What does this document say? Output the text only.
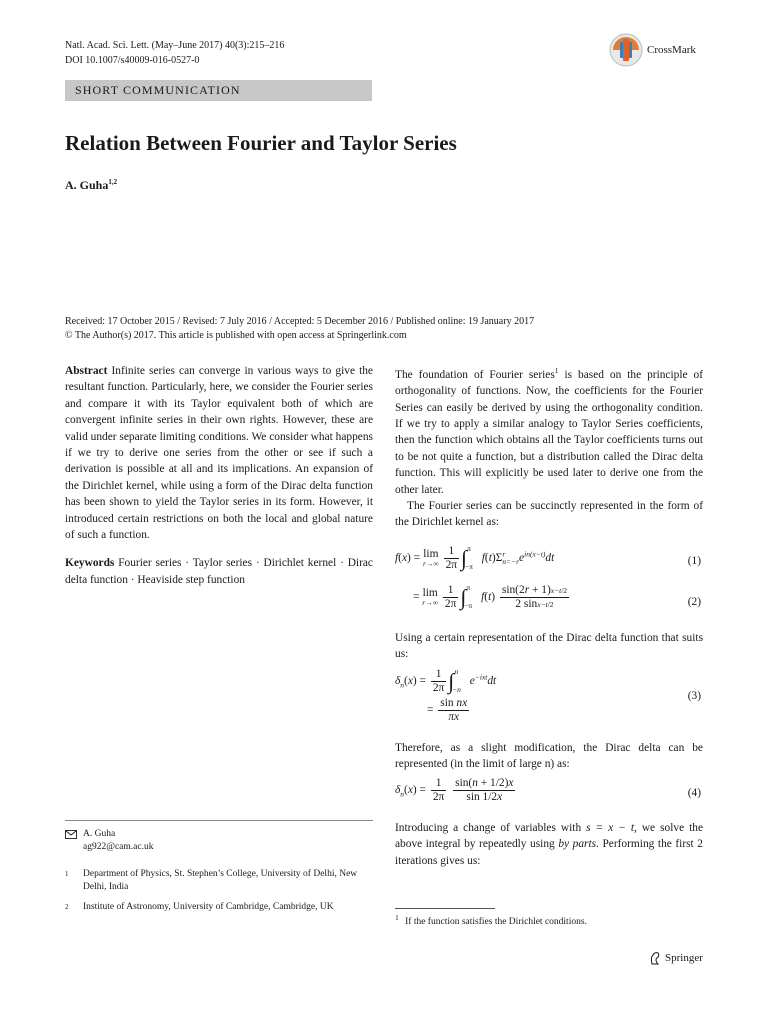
Natl. Acad. Sci. Lett. (May–June 2017) 40(3):215–216
DOI 10.1007/s40009-016-0527-0
CrossMark
SHORT COMMUNICATION
Relation Between Fourier and Taylor Series
A. Guha$^{1,2}$
Received: 17 October 2015 / Revised: 7 July 2016 / Accepted: 5 December 2016 / Published online: 19 January 2017
© The Author(s) 2017. This article is published with open access at Springerlink.com

Abstract Infinite series can converge in various ways to give the resultant function. Particularly, here, we consider the Fourier series and compare it with its Taylor equivalent both of which are convergent infinite series in their own rights. However, these are valid under separate limiting conditions. We consider what happens if we try to derive one series from the other or see if such a derivation is possible at all and its implications. An expansion of the Dirichlet kernel, while using a form of the Dirac delta function has been shown to yield the Taylor series in its form. However, it introduced certain restrictions on both the local and global nature of such a function.

Keywords Fourier series · Taylor series · Dirichlet kernel · Dirac delta function · Heaviside step function

The foundation of Fourier series$^1$ is based on the principle of orthogonality of functions. Now, the coefficients for the Fourier Series can easily be derived by using the orthogonality condition. If we try to apply a similar analogy to Taylor Series coefficients, then the function which obtains all the Taylor coefficients turns out to be not quite a function, but a distribution called the Dirac delta function. This will explicitly be used later to derive one from the other later.

The Fourier series can be succinctly represented in the form of the Dirichlet kernel as:

f(x) = lim
r→∞
$\frac{1}{2\pi} \int^\pi_{-\pi}$ $f(t)\Sigma^r_{n=-r}e^{in(x-t)}dt$	(1)
= lim
r→∞
$\frac{1}{2\pi} \int^\pi_{-\pi}$ $f(t) \frac{\sin(2r + 1)x-t/2}{2 \sin x-t/2}$	(2)

Using a certain representation of the Dirac delta function that suits us:

$\delta_n(x) = \frac{1}{2\pi} \int^n_{-n}$ $e^{-ixt}dt$
= $\frac{\text{sin nx}}{\pi x}$
(3)

Therefore, as a slight modification, the Dirac delta can be represented (in the limit of large n) as:

$\delta_n(x) = \frac{1}{2\pi}$
$\frac{\sin(n + 1/2)x}{\sin 1/2x}$	(4)

Introducing a change of variables with s = x − t, we solve the above integral by repeatedly using by parts. Performing the first 2 iterations gives us:

A. Guha
ag922@cam.ac.uk
1 Department of Physics, St. Stephen’s College, University of Delhi, New Delhi, India
2 Institute of Astronomy, University of Cambridge, Cambridge, UK
$^1$ If the function satisfies the Dirichlet conditions.
Springer
